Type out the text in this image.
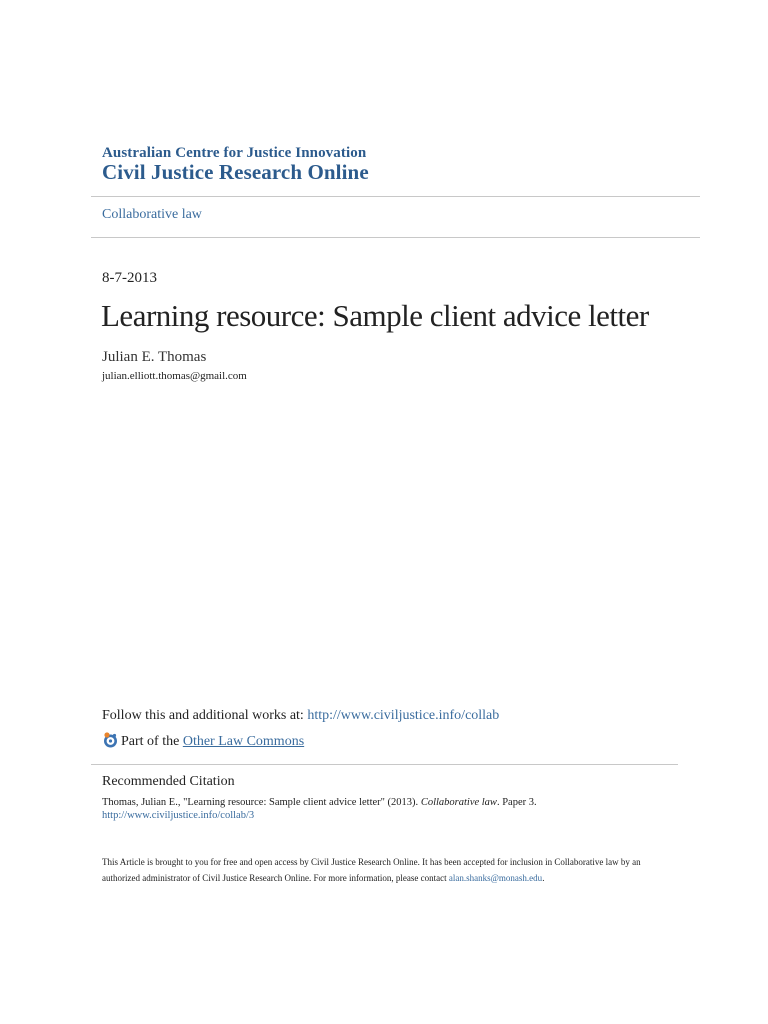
Australian Centre for Justice Innovation
Civil Justice Research Online
Collaborative law
8-7-2013
Learning resource: Sample client advice letter
Julian E. Thomas
julian.elliott.thomas@gmail.com
Follow this and additional works at: http://www.civiljustice.info/collab
Part of the Other Law Commons
Recommended Citation
Thomas, Julian E., "Learning resource: Sample client advice letter" (2013). Collaborative law. Paper 3.
http://www.civiljustice.info/collab/3
This Article is brought to you for free and open access by Civil Justice Research Online. It has been accepted for inclusion in Collaborative law by an
authorized administrator of Civil Justice Research Online. For more information, please contact alan.shanks@monash.edu.
